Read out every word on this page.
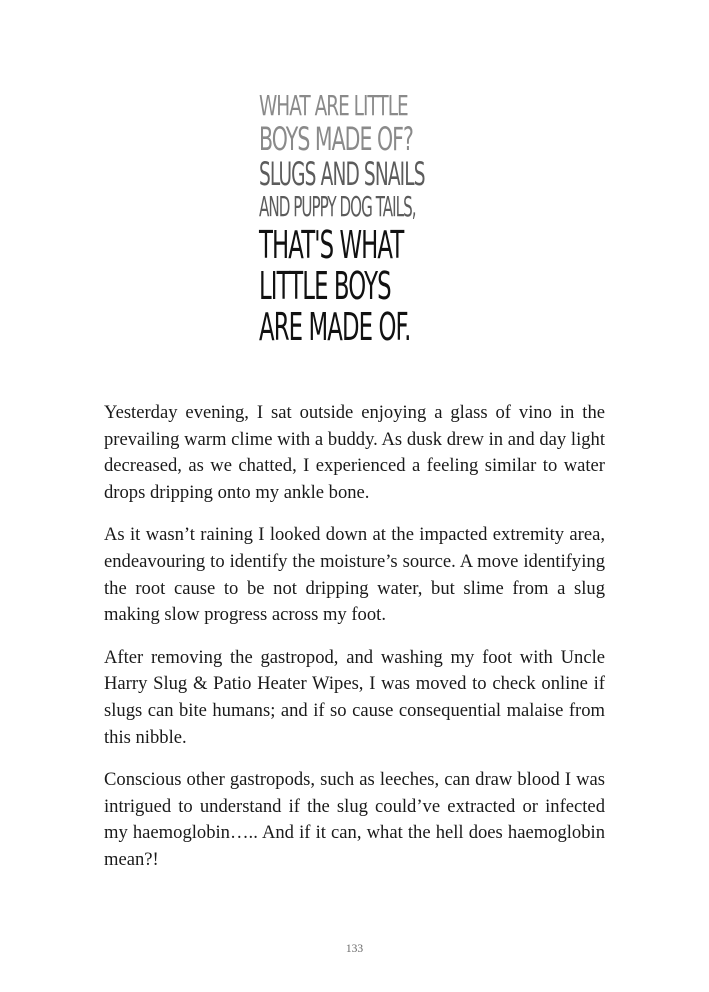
WHAT ARE LITTLE
BOYS MADE OF?
SLUGS AND SNAILS
AND PUPPY DOG TAILS,
THAT'S WHAT
LITTLE BOYS
ARE MADE OF.

Yesterday evening, I sat outside enjoying a glass of vino in the prevailing warm clime with a buddy. As dusk drew in and day light decreased, as we chatted, I experienced a feeling similar to water drops dripping onto my ankle bone.

As it wasn’t raining I looked down at the impacted extremity area, endeavouring to identify the moisture’s source. A move identifying the root cause to be not dripping water, but slime from a slug making slow progress across my foot.

After removing the gastropod, and washing my foot with Uncle Harry Slug & Patio Heater Wipes, I was moved to check online if slugs can bite humans; and if so cause consequential malaise from this nibble.

Conscious other gastropods, such as leeches, can draw blood I was intrigued to understand if the slug could’ve extracted or infected my haemoglobin….. And if it can, what the hell does haemoglobin mean?!

133
